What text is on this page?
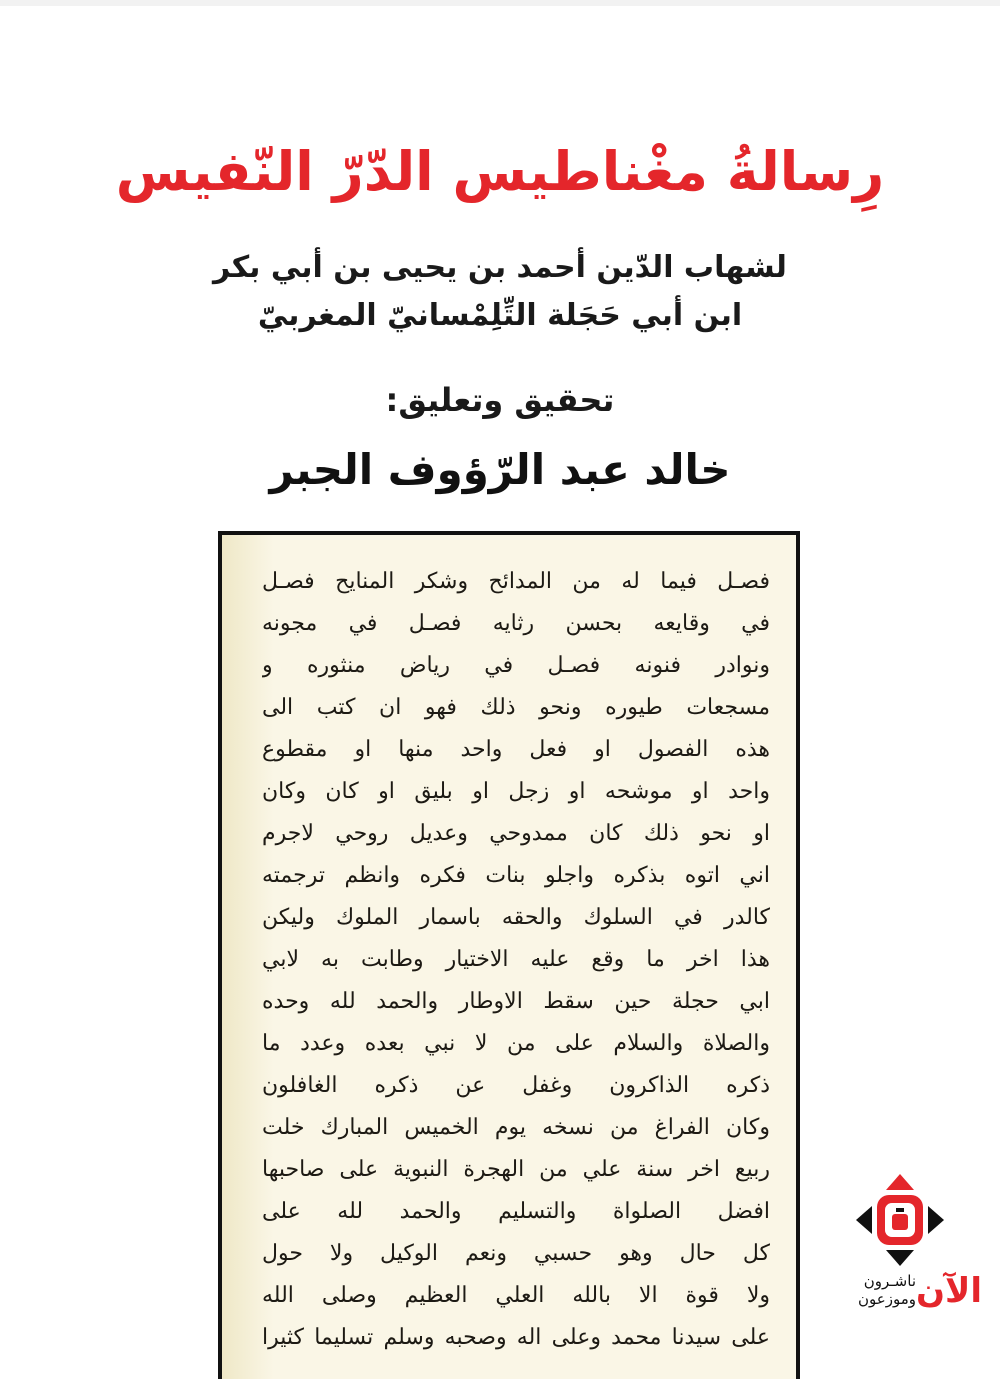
رِسالةُ مغْناطيس الدّرّ النّفيس
لشهاب الدّين أحمد بن يحيى بن أبي بكر
ابن أبي حَجَلة التِّلِمْسانيّ المغربيّ
تحقيق وتعليق:
خالد عبد الرّؤوف الجبر
فصـل فيما له من المدائح وشكر المنايح فصـل
في وقايعه بحسن رثايه فصـل في مجونه
ونوادر فنونه فصـل في رياض منثوره و
مسجعات طيوره ونحو ذلك فهو ان كتب الى
هذه الفصول او فعل واحد منها او مقطوع
واحد او موشحه او زجل او بليق او كان وكان
او نحو ذلك كان ممدوحي وعديل روحي لاجرم
اني اتوه بذكره واجلو بنات فكره وانظم ترجمته
كالدر في السلوك والحقه باسمار الملوك وليكن
هذا اخر ما وقع عليه الاختيار وطابت به لابي
ابي حجلة حين سقط الاوطار والحمد لله وحده
والصلاة والسلام على من لا نبي بعده وعدد ما
ذكره الذاكرون وغفل عن ذكره الغافلون
وكان الفراغ من نسخه يوم الخميس المبارك خلت
ربيع اخر سنة علي من الهجرة النبوية على صاحبها
افضل الصلواة والتسليم والحمد لله على
كل حال وهو حسبي ونعم الوكيل ولا حول
ولا قوة الا بالله العلي العظيم وصلى الله
على سيدنا محمد وعلى اله وصحبه وسلم تسليما كثيرا
الآن
ناشـرون
وموزعون
